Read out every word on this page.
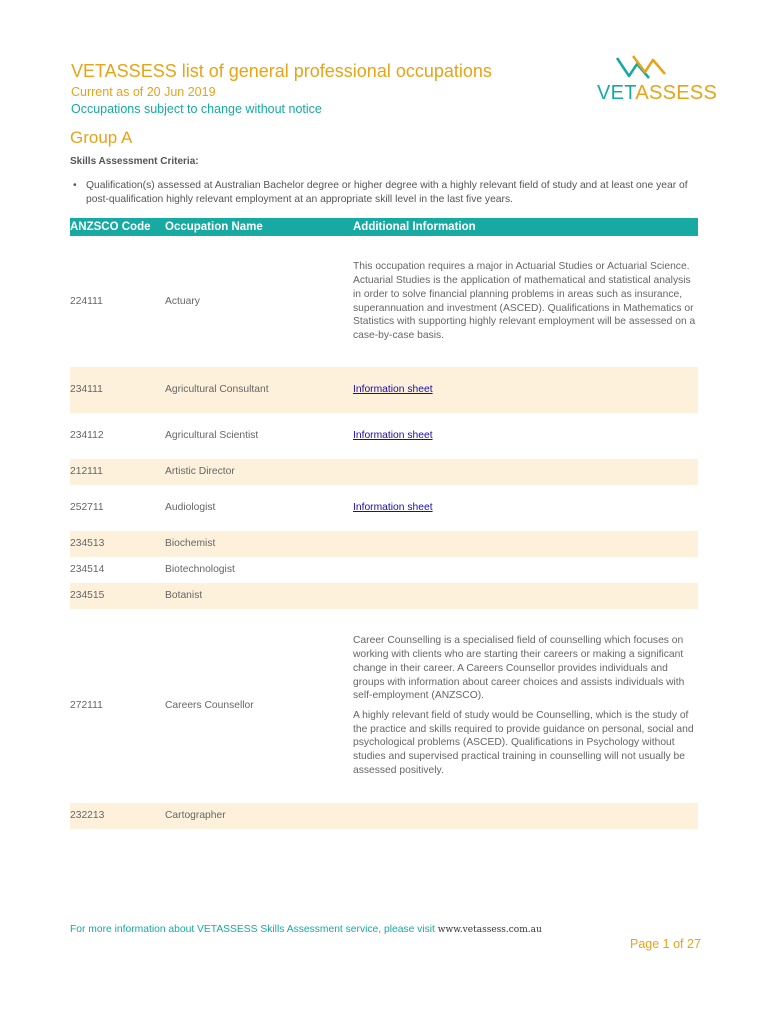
VETASSESS list of general professional occupations
Current as of 20 Jun 2019
Occupations subject to change without notice
VETASSESS
Group A
Skills Assessment Criteria:
• Qualification(s) assessed at Australian Bachelor degree or higher degree with a highly relevant field of study and at least one year of post-qualification highly relevant employment at an appropriate skill level in the last five years.
ANZSCO Code	Occupation Name	Additional Information
224111	Actuary	This occupation requires a major in Actuarial Studies or Actuarial Science. Actuarial Studies is the application of mathematical and statistical analysis in order to solve financial planning problems in areas such as insurance, superannuation and investment (ASCED). Qualifications in Mathematics or Statistics with supporting highly relevant employment will be assessed on a case-by-case basis.

234111	Agricultural Consultant	Information sheet
234112	Agricultural Scientist	Information sheet
212111	Artistic Director	
252711	Audiologist	Information sheet
234513	Biochemist	
234514	Biotechnologist	
234515	Botanist	
272111	Careers Counsellor	Career Counselling is a specialised field of counselling which focuses on working with clients who are starting their careers or making a significant change in their career. A Careers Counsellor provides individuals and groups with information about career choices and assists individuals with self-employment (ANZSCO).

A highly relevant field of study would be Counselling, which is the study of the practice and skills required to provide guidance on personal, social and psychological problems (ASCED). Qualifications in Psychology without studies and supervised practical training in counselling will not usually be assessed positively.

232213	Cartographer	
For more information about VETASSESS Skills Assessment service, please visit www.vetassess.com.au
Page 1 of 27
